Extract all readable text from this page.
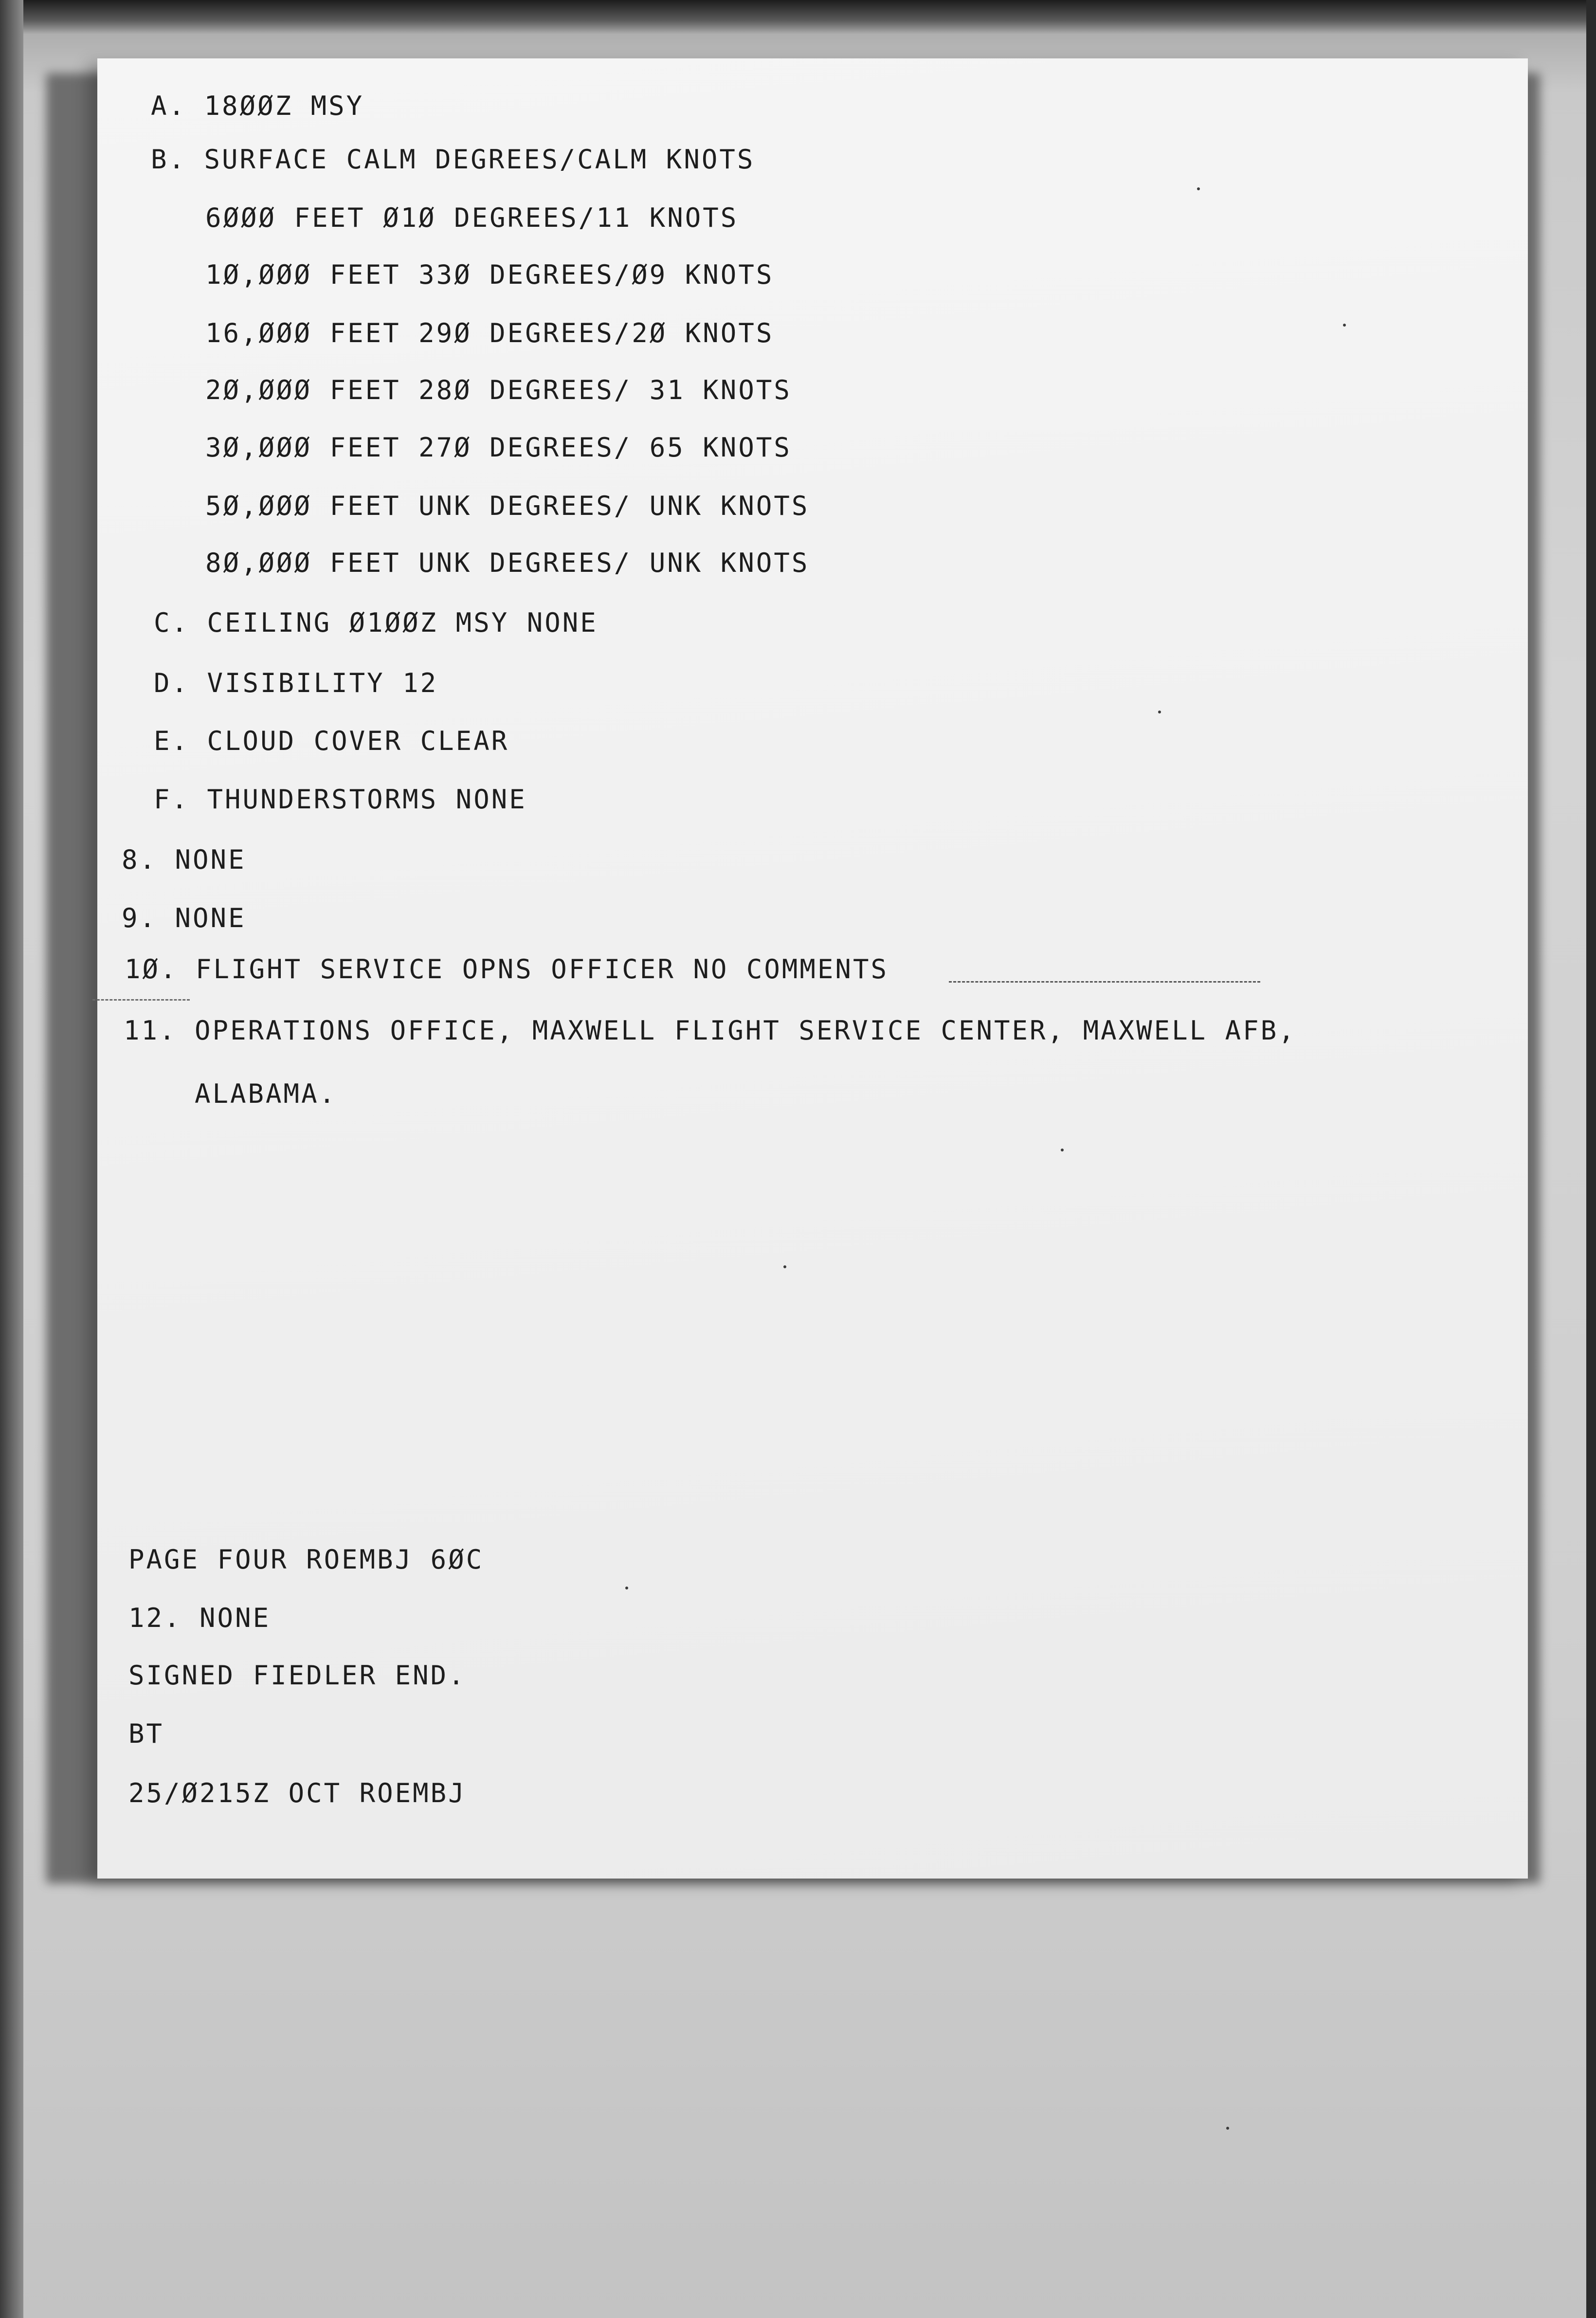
A. 18ØØZ MSY
B. SURFACE CALM DEGREES/CALM KNOTS
6ØØØ FEET Ø1Ø DEGREES/11 KNOTS
1Ø,ØØØ FEET 33Ø DEGREES/Ø9 KNOTS
16,ØØØ FEET 29Ø DEGREES/2Ø KNOTS
2Ø,ØØØ FEET 28Ø DEGREES/ 31 KNOTS
3Ø,ØØØ FEET 27Ø DEGREES/ 65 KNOTS
5Ø,ØØØ FEET UNK DEGREES/ UNK KNOTS
8Ø,ØØØ FEET UNK DEGREES/ UNK KNOTS
C. CEILING Ø1ØØZ MSY NONE
D. VISIBILITY 12
E. CLOUD COVER CLEAR
F. THUNDERSTORMS NONE
8. NONE
9. NONE
1Ø. FLIGHT SERVICE OPNS OFFICER NO COMMENTS
11. OPERATIONS OFFICE, MAXWELL FLIGHT SERVICE CENTER, MAXWELL AFB,
ALABAMA.
PAGE FOUR ROEMBJ 6ØC
12. NONE
SIGNED FIEDLER END.
BT
25/Ø215Z OCT ROEMBJ
